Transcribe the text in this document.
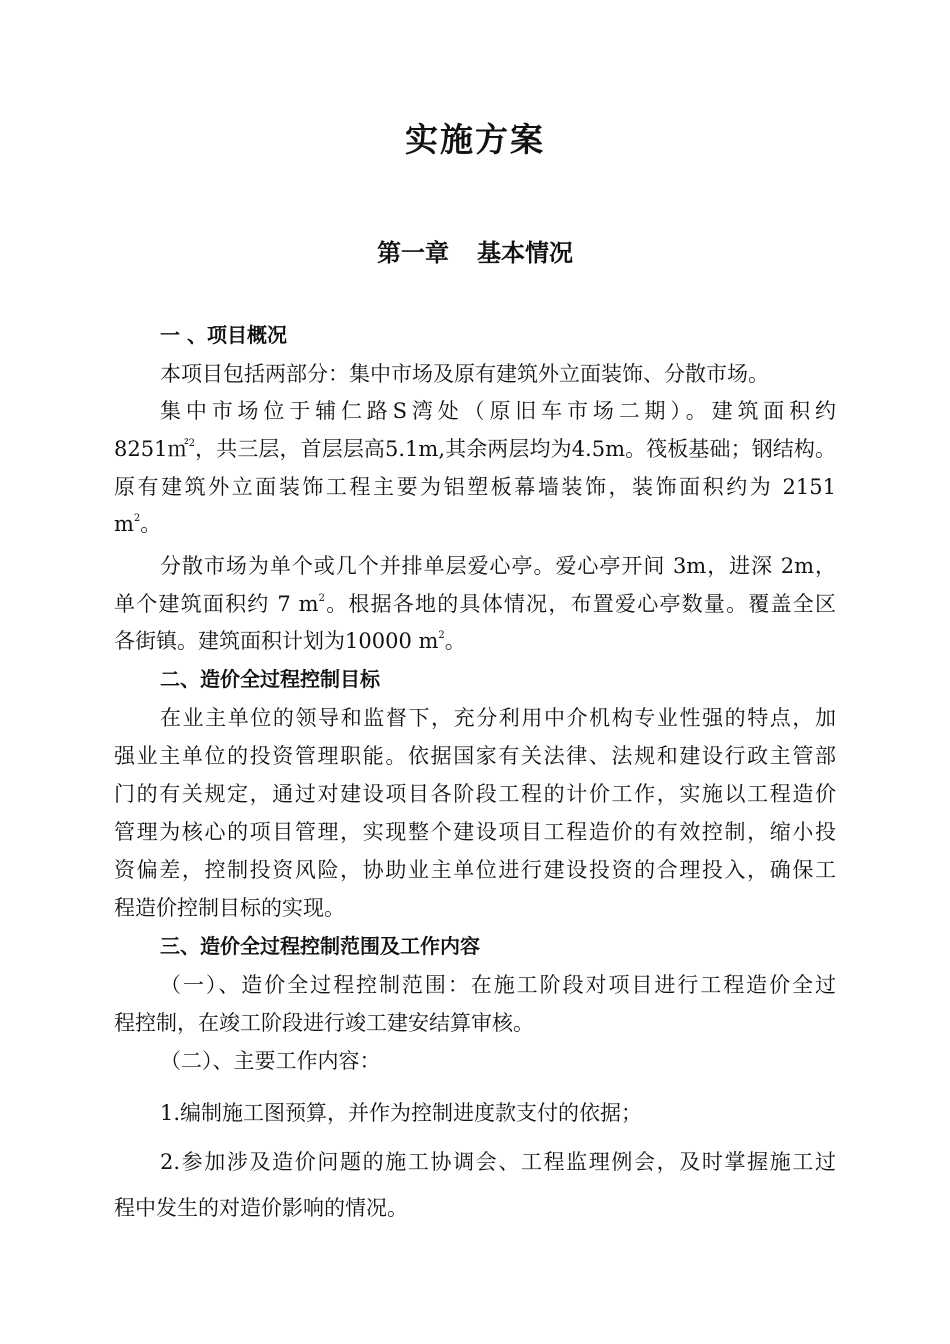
实施方案
第一章 基本情况
一 、项目概况
本项目包括两部分：集中市场及原有建筑外立面装饰、分散市场。
集中市场位于辅仁路S湾处（原旧车市场二期）。建筑面积约
8251㎡$^2$，共三层，首层层高5.1m,其余两层均为4.5m。筏板基础；钢结构。
原有建筑外立面装饰工程主要为铝塑板幕墙装饰，装饰面积约为 2151
$m^2$。
分散市场为单个或几个并排单层爱心亭。爱心亭开间 3m，进深 2m，
单个建筑面积约 7 $m^2$。根据各地的具体情况，布置爱心亭数量。覆盖全区
各街镇。建筑面积计划为10000 $m^2$。
二、造价全过程控制目标
在业主单位的领导和监督下，充分利用中介机构专业性强的特点，加
强业主单位的投资管理职能。依据国家有关法律、法规和建设行政主管部
门的有关规定，通过对建设项目各阶段工程的计价工作，实施以工程造价
管理为核心的项目管理，实现整个建设项目工程造价的有效控制，缩小投
资偏差，控制投资风险，协助业主单位进行建设投资的合理投入，确保工
程造价控制目标的实现。
三、造价全过程控制范围及工作内容
（一）、造价全过程控制范围：在施工阶段对项目进行工程造价全过
程控制，在竣工阶段进行竣工建安结算审核。
（二）、主要工作内容：
1.编制施工图预算，并作为控制进度款支付的依据；
2.参加涉及造价问题的施工协调会、工程监理例会，及时掌握施工过
程中发生的对造价影响的情况。
